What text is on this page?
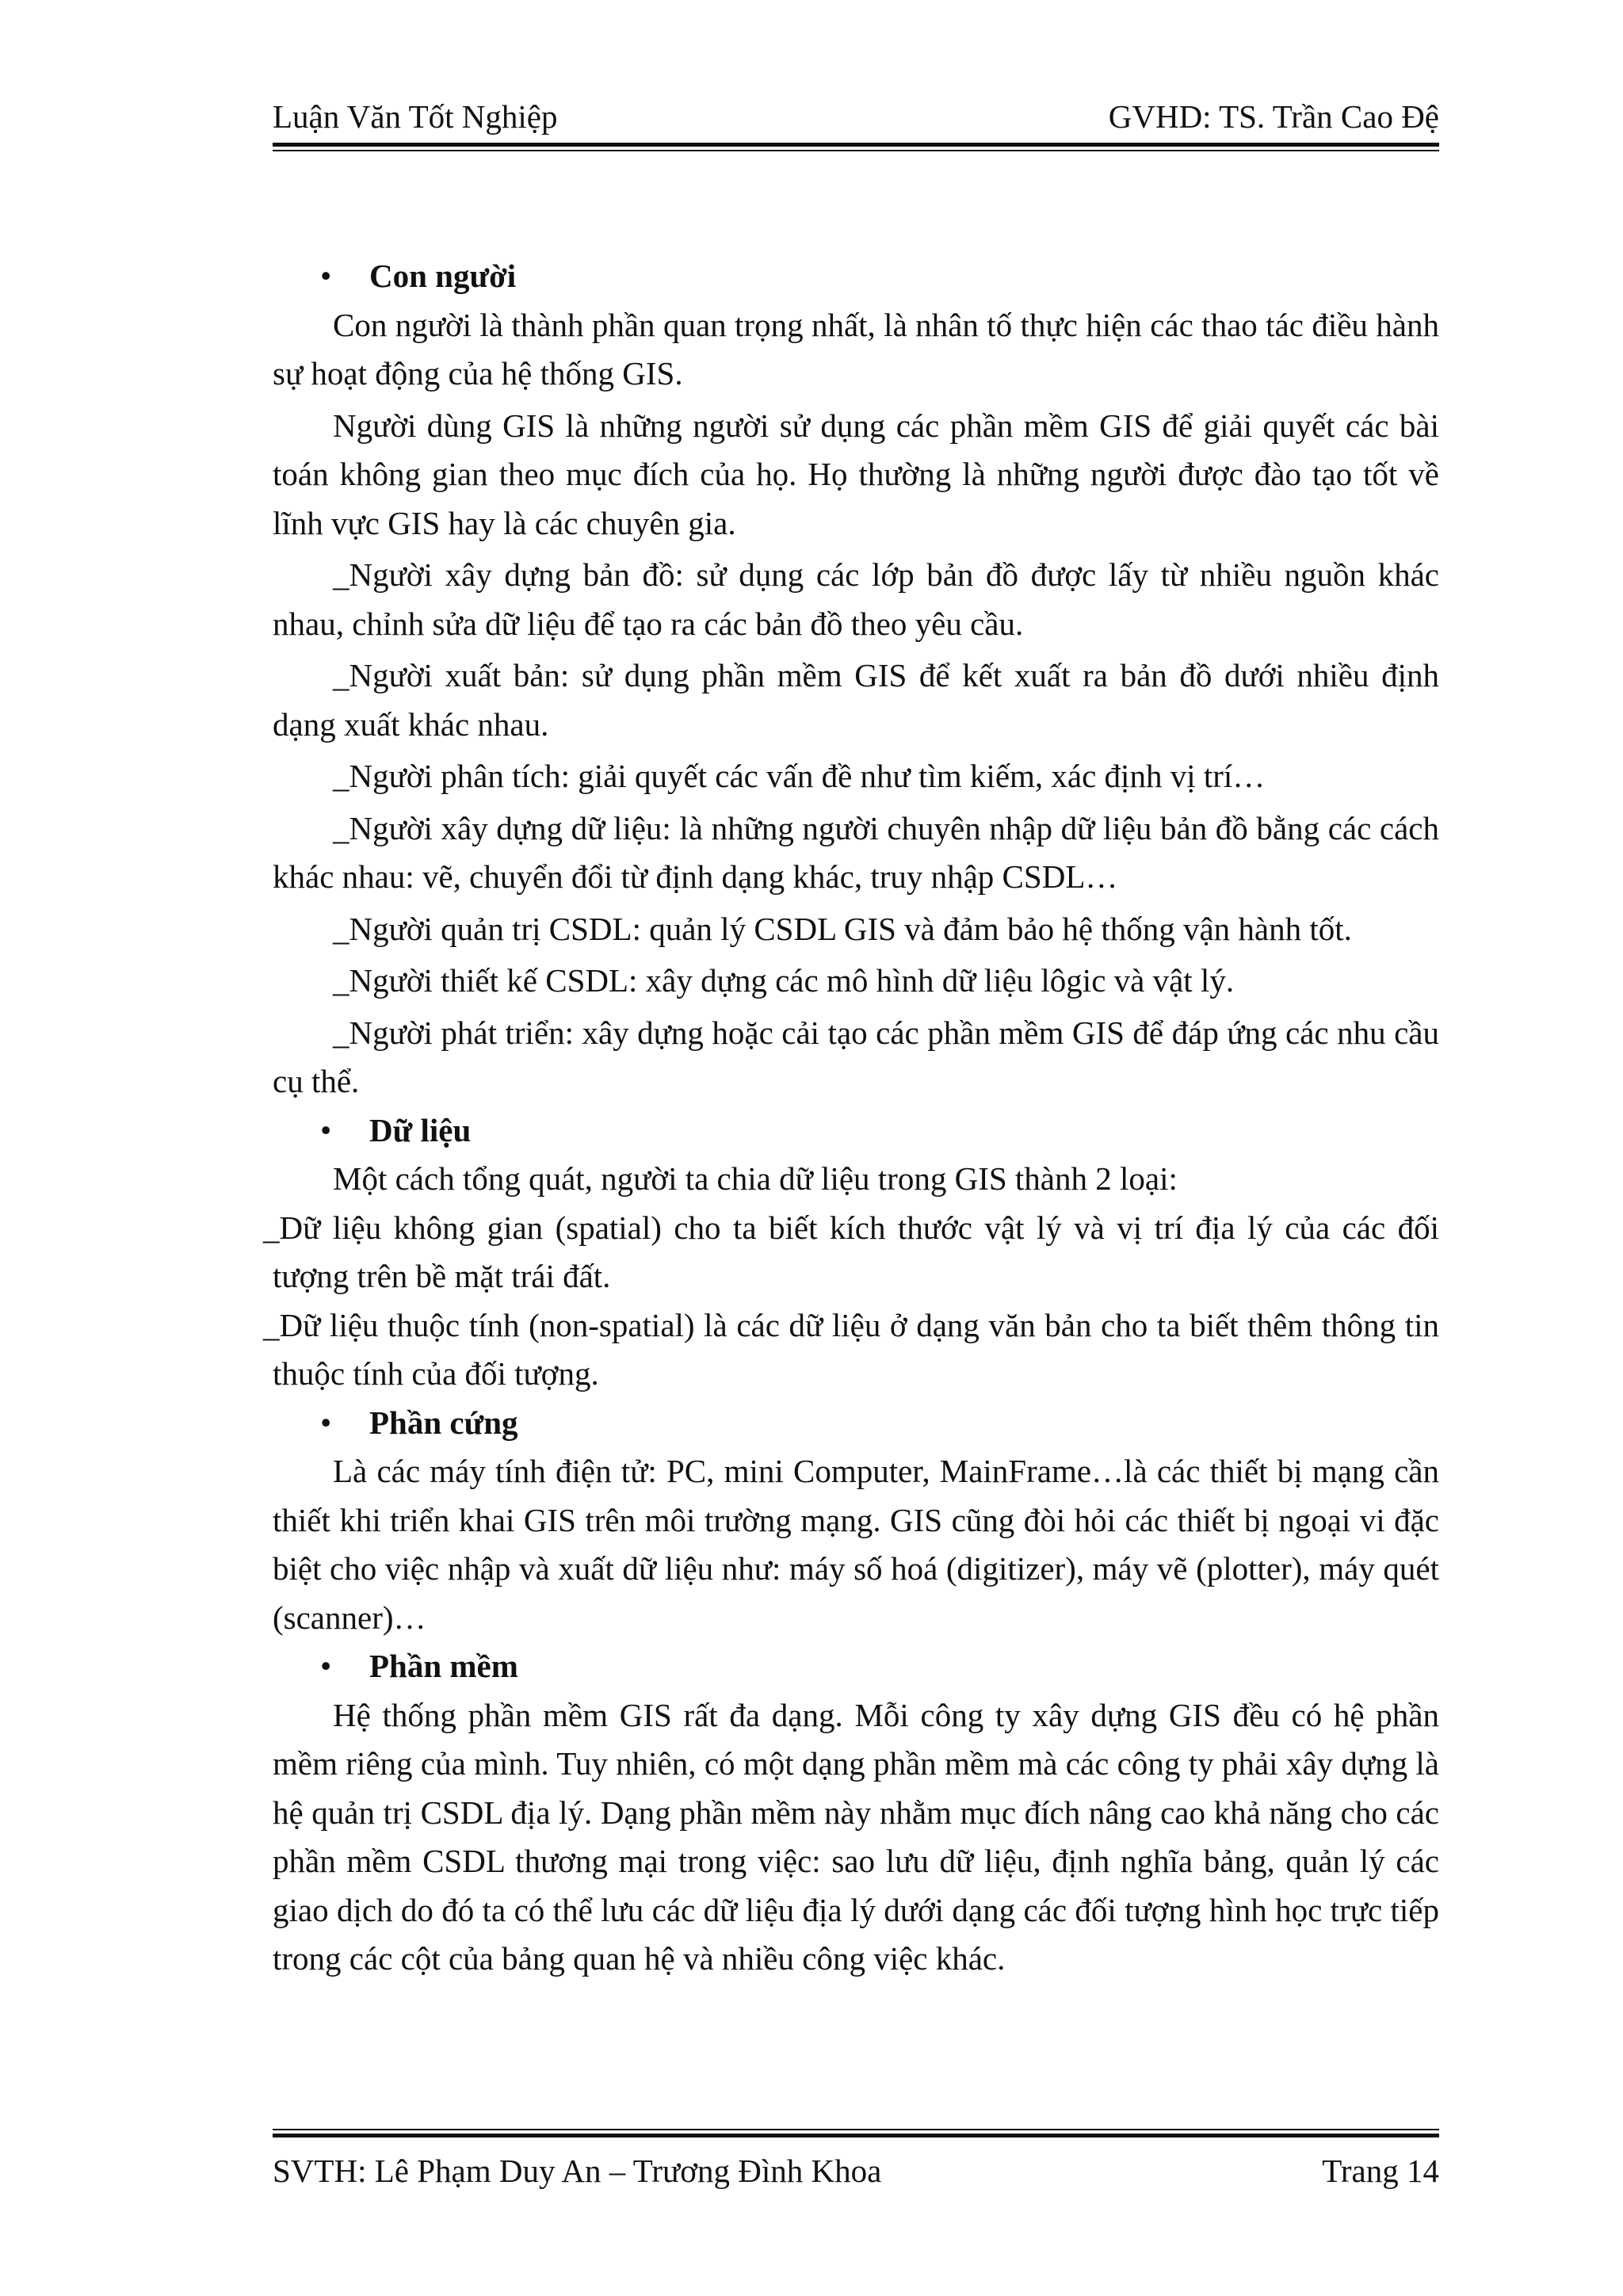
Luận Văn Tốt Nghiệp	GVHD: TS. Trần Cao Đệ
• Con người

Con người là thành phần quan trọng nhất, là nhân tố thực hiện các thao tác điều hành sự hoạt động của hệ thống GIS.

Người dùng GIS là những người sử dụng các phần mềm GIS để giải quyết các bài toán không gian theo mục đích của họ. Họ thường là những người được đào tạo tốt về lĩnh vực GIS hay là các chuyên gia.

_Người xây dựng bản đồ: sử dụng các lớp bản đồ được lấy từ nhiều nguồn khác nhau, chỉnh sửa dữ liệu để tạo ra các bản đồ theo yêu cầu.

_Người xuất bản: sử dụng phần mềm GIS để kết xuất ra bản đồ dưới nhiều định dạng xuất khác nhau.

_Người phân tích: giải quyết các vấn đề như tìm kiếm, xác định vị trí…

_Người xây dựng dữ liệu: là những người chuyên nhập dữ liệu bản đồ bằng các cách khác nhau: vẽ, chuyển đổi từ định dạng khác, truy nhập CSDL…

_Người quản trị CSDL: quản lý CSDL GIS và đảm bảo hệ thống vận hành tốt.

_Người thiết kế CSDL: xây dựng các mô hình dữ liệu lôgic và vật lý.

_Người phát triển: xây dựng hoặc cải tạo các phần mềm GIS để đáp ứng các nhu cầu cụ thể.

• Dữ liệu

Một cách tổng quát, người ta chia dữ liệu trong GIS thành 2 loại:

_Dữ liệu không gian (spatial) cho ta biết kích thước vật lý và vị trí địa lý của các đối tượng trên bề mặt trái đất.

_Dữ liệu thuộc tính (non-spatial) là các dữ liệu ở dạng văn bản cho ta biết thêm thông tin thuộc tính của đối tượng.

• Phần cứng

Là các máy tính điện tử: PC, mini Computer, MainFrame…là các thiết bị mạng cần thiết khi triển khai GIS trên môi trường mạng. GIS cũng đòi hỏi các thiết bị ngoại vi đặc biệt cho việc nhập và xuất dữ liệu như: máy số hoá (digitizer), máy vẽ (plotter), máy quét (scanner)…

• Phần mềm

Hệ thống phần mềm GIS rất đa dạng. Mỗi công ty xây dựng GIS đều có hệ phần mềm riêng của mình. Tuy nhiên, có một dạng phần mềm mà các công ty phải xây dựng là hệ quản trị CSDL địa lý. Dạng phần mềm này nhằm mục đích nâng cao khả năng cho các phần mềm CSDL thương mại trong việc: sao lưu dữ liệu, định nghĩa bảng, quản lý các giao dịch do đó ta có thể lưu các dữ liệu địa lý dưới dạng các đối tượng hình học trực tiếp trong các cột của bảng quan hệ và nhiều công việc khác.

SVTH: Lê Phạm Duy An – Trương Đình Khoa	Trang 14
